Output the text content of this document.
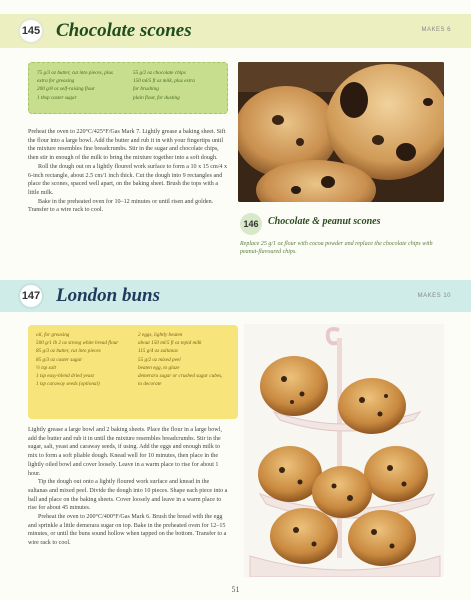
145 Chocolate scones	MAKES 6
75 g/3 oz butter, cut into pieces, plus
extra for greasing
200 g/8 oz self-raising flour
1 tbsp caster sugar
55 g/2 oz chocolate chips
150 ml/5 fl oz milk, plus extra
for brushing
plain flour, for dusting

Preheat the oven to 220°C/425°F/Gas Mark 7. Lightly grease a baking sheet. Sift the flour into a large bowl. Add the butter and rub it in with your fingertips until the mixture resembles fine breadcrumbs. Stir in the sugar and chocolate chips, then stir in enough of the milk to bring the mixture together into a soft dough.

Roll the dough out on a lightly floured work surface to form a 10 x 15 cm/4 x 6-inch rectangle, about 2.5 cm/1 inch thick. Cut the dough into 9 rectangles and place the scones, spaced well apart, on the baking sheet. Brush the tops with a little milk.

Bake in the preheated oven for 10–12 minutes or until risen and golden. Transfer to a wire rack to cool.

146 Chocolate & peanut scones
Replace 25 g/1 oz flour with cocoa powder and replace the chocolate chips with peanut-flavoured chips.
147 London buns	MAKES 10
oil, for greasing
500 g/1 lb 2 oz strong white bread flour
85 g/3 oz butter, cut into pieces
85 g/3 oz caster sugar
½ tsp salt
1 tsp easy-blend dried yeast
1 tsp caraway seeds (optional)
2 eggs, lightly beaten
about 150 ml/5 fl oz tepid milk
115 g/4 oz sultanas
55 g/2 oz mixed peel
beaten egg, to glaze
demerara sugar or crushed sugar cubes,
to decorate

Lightly grease a large bowl and 2 baking sheets. Place the flour in a large bowl, add the butter and rub it in until the mixture resembles breadcrumbs. Stir in the sugar, salt, yeast and caraway seeds, if using. Add the eggs and enough milk to mix to form a soft pliable dough. Knead well for 10 minutes, then place in the lightly oiled bowl and cover loosely. Leave in a warm place to rise for about 1 hour.

Tip the dough out onto a lightly floured work surface and knead in the sultanas and mixed peel. Divide the dough into 10 pieces. Shape each piece into a ball and place on the baking sheets. Cover loosely and leave in a warm place to rise for about 45 minutes.

Preheat the oven to 200°C/400°F/Gas Mark 6. Brush the bread with the egg and sprinkle a little demerara sugar on top. Bake in the preheated oven for 12–15 minutes, or until the buns sound hollow when tapped on the bottom. Transfer to a wire rack to cool.

51
